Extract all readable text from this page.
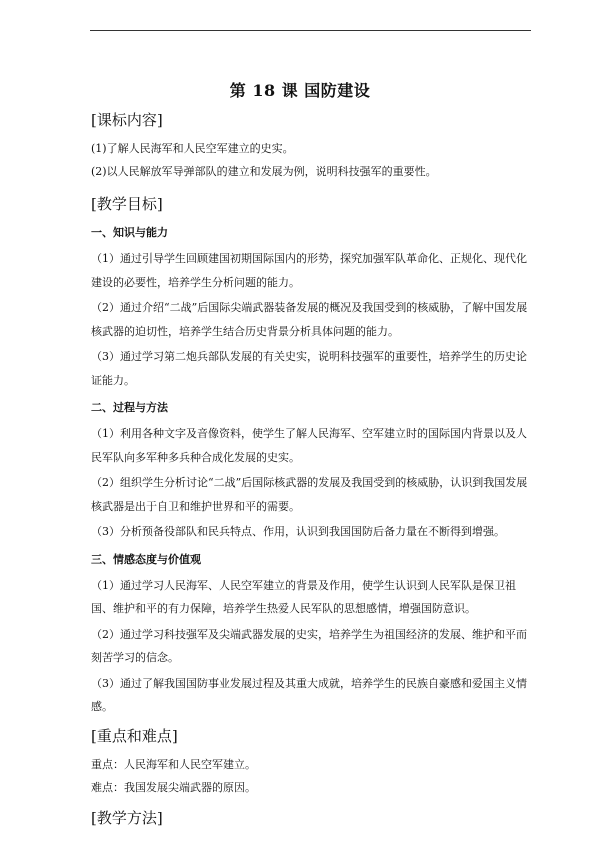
第 18 课 国防建设
[课标内容]

(1)了解人民海军和人民空军建立的史实。

(2)以人民解放军导弹部队的建立和发展为例，说明科技强军的重要性。

[教学目标]
一、知识与能力

（1）通过引导学生回顾建国初期国际国内的形势，探究加强军队革命化、正规化、现代化建设的必要性，培养学生分析问题的能力。

（2）通过介绍“二战”后国际尖端武器装备发展的概况及我国受到的核威胁，了解中国发展核武器的迫切性，培养学生结合历史背景分析具体问题的能力。

（3）通过学习第二炮兵部队发展的有关史实，说明科技强军的重要性，培养学生的历史论证能力。

二、过程与方法

（1）利用各种文字及音像资料，使学生了解人民海军、空军建立时的国际国内背景以及人民军队向多军种多兵种合成化发展的史实。

（2）组织学生分析讨论“二战”后国际核武器的发展及我国受到的核威胁，认识到我国发展核武器是出于自卫和维护世界和平的需要。

（3）分析预备役部队和民兵特点、作用，认识到我国国防后备力量在不断得到增强。

三、情感态度与价值观

（1）通过学习人民海军、人民空军建立的背景及作用，使学生认识到人民军队是保卫祖国、维护和平的有力保障，培养学生热爱人民军队的思想感情，增强国防意识。

（2）通过学习科技强军及尖端武器发展的史实，培养学生为祖国经济的发展、维护和平而刻苦学习的信念。

（3）通过了解我国国防事业发展过程及其重大成就，培养学生的民族自豪感和爱国主义情感。

[重点和难点]

重点：人民海军和人民空军建立。

难点：我国发展尖端武器的原因。

[教学方法]
